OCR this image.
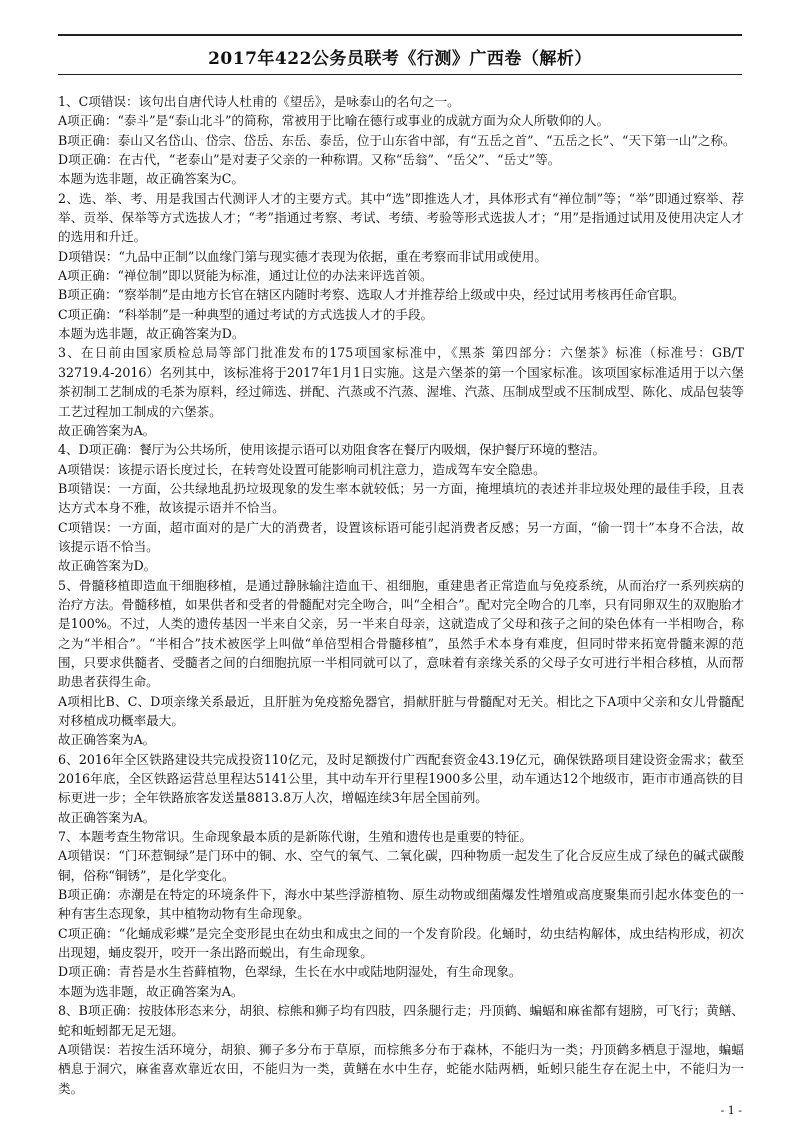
2017年422公务员联考《行测》广西卷（解析）

1、C项错误：该句出自唐代诗人杜甫的《望岳》，是咏泰山的名句之一。

A项正确：“泰斗”是“泰山北斗”的简称，常被用于比喻在德行或事业的成就方面为众人所敬仰的人。

B项正确：泰山又名岱山、岱宗、岱岳、东岳、泰岳，位于山东省中部，有“五岳之首”、“五岳之长”、“天下第一山”之称。

D项正确：在古代，“老泰山”是对妻子父亲的一种称谓。又称“岳翁”、“岳父”、“岳丈”等。

本题为选非题，故正确答案为C。

2、选、举、考、用是我国古代测评人才的主要方式。其中“选”即推选人才，具体形式有“禅位制”等；“举”即通过察举、荐举、贡举、保举等方式选拔人才；“考”指通过考察、考试、考绩、考验等形式选拔人才；“用”是指通过试用及使用决定人才的选用和升迁。

D项错误：“九品中正制”以血缘门第与现实德才表现为依据，重在考察而非试用或使用。

A项正确：“禅位制”即以贤能为标准，通过让位的办法来评选首领。

B项正确：“察举制”是由地方长官在辖区内随时考察、选取人才并推荐给上级或中央，经过试用考核再任命官职。

C项正确：“科举制”是一种典型的通过考试的方式选拔人才的手段。

本题为选非题，故正确答案为D。

3、在日前由国家质检总局等部门批准发布的175项国家标准中，《黑茶 第四部分：六堡茶》标准（标准号：GB/T 32719.4-2016）名列其中，该标准将于2017年1月1日实施。这是六堡茶的第一个国家标准。该项国家标准适用于以六堡茶初制工艺制成的毛茶为原料，经过筛选、拼配、汽蒸或不汽蒸、渥堆、汽蒸、压制成型或不压制成型、陈化、成品包装等工艺过程加工制成的六堡茶。

故正确答案为A。

4、D项正确：餐厅为公共场所，使用该提示语可以劝阻食客在餐厅内吸烟，保护餐厅环境的整洁。

A项错误：该提示语长度过长，在转弯处设置可能影响司机注意力，造成驾车安全隐患。

B项错误：一方面，公共绿地乱扔垃圾现象的发生率本就较低；另一方面，掩埋填坑的表述并非垃圾处理的最佳手段，且表达方式本身不雅，故该提示语并不恰当。

C项错误：一方面，超市面对的是广大的消费者，设置该标语可能引起消费者反感；另一方面，“偷一罚十”本身不合法，故该提示语不恰当。

故正确答案为D。

5、骨髓移植即造血干细胞移植，是通过静脉输注造血干、祖细胞，重建患者正常造血与免疫系统，从而治疗一系列疾病的治疗方法。骨髓移植，如果供者和受者的骨髓配对完全吻合，叫“全相合”。配对完全吻合的几率，只有同卵双生的双胞胎才是100%。不过，人类的遗传基因一半来自父亲，另一半来自母亲，这就造成了父母和孩子之间的染色体有一半相吻合，称之为“半相合”。“半相合”技术被医学上叫做“单倍型相合骨髓移植”，虽然手术本身有难度，但同时带来拓宽骨髓来源的范围，只要求供髓者、受髓者之间的白细胞抗原一半相同就可以了，意味着有亲缘关系的父母子女可进行半相合移植，从而帮助患者获得生命。

A项相比B、C、D项亲缘关系最近，且肝脏为免疫豁免器官，捐献肝脏与骨髓配对无关。相比之下A项中父亲和女儿骨髓配对移植成功概率最大。

故正确答案为A。

6、2016年全区铁路建设共完成投资110亿元，及时足额拨付广西配套资金43.19亿元，确保铁路项目建设资金需求；截至2016年底，全区铁路运营总里程达5141公里，其中动车开行里程1900多公里，动车通达12个地级市，距市市通高铁的目标更进一步；全年铁路旅客发送量8813.8万人次，增幅连续3年居全国前列。

故正确答案为A。

7、本题考查生物常识。生命现象最本质的是新陈代谢，生殖和遗传也是重要的特征。

A项错误：“门环惹铜绿”是门环中的铜、水、空气的氧气、二氧化碳，四种物质一起发生了化合反应生成了绿色的碱式碳酸铜，俗称“铜锈”，是化学变化。

B项正确：赤潮是在特定的环境条件下，海水中某些浮游植物、原生动物或细菌爆发性增殖或高度聚集而引起水体变色的一种有害生态现象，其中植物动物有生命现象。

C项正确：“化蛹成彩蝶”是完全变形昆虫在幼虫和成虫之间的一个发育阶段。化蛹时，幼虫结构解体，成虫结构形成，初次出现翅，蛹皮裂开，咬开一条出路而蜕出，有生命现象。

D项正确：青苔是水生苔藓植物，色翠绿，生长在水中或陆地阴湿处，有生命现象。

本题为选非题，故正确答案为A。

8、B项正确：按肢体形态来分，胡狼、棕熊和狮子均有四肢，四条腿行走；丹顶鹤、蝙蝠和麻雀都有翅膀，可飞行；黄鳝、蛇和蚯蚓都无足无翅。

A项错误：若按生活环境分，胡狼、狮子多分布于草原，而棕熊多分布于森林，不能归为一类；丹顶鹤多栖息于湿地，蝙蝠栖息于洞穴，麻雀喜欢靠近农田，不能归为一类，黄鳝在水中生存，蛇能水陆两栖，蚯蚓只能生存在泥土中，不能归为一类。

- 1 -
